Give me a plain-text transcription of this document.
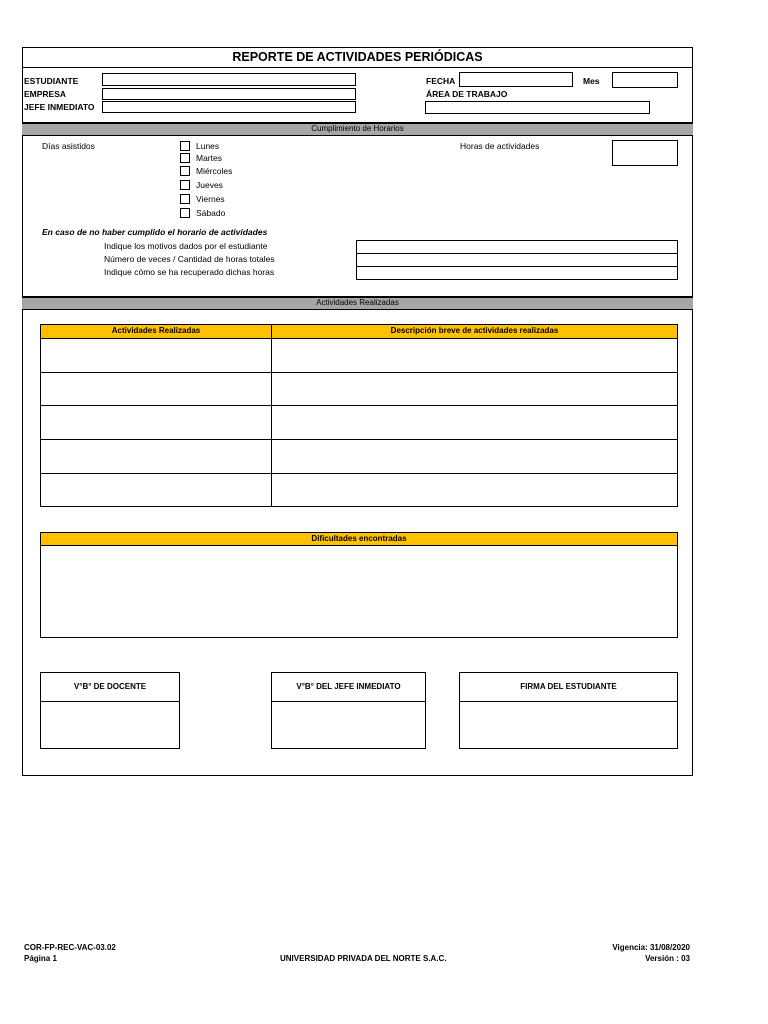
REPORTE DE ACTIVIDADES PERIÓDICAS
ESTUDIANTE
EMPRESA
JEFE INMEDIATO
FECHA	Mes
ÁREA DE TRABAJO
Cumplimiento de Horarios
Días asistidos	Lunes
Martes
Miércoles
Jueves
Viernes
Sábado
Horas de actividades
En caso de no haber cumplido el horario de actividades
Indique los motivos dados por el estudiante
Número de veces / Cantidad de horas totales
Indique cómo se ha recuperado dichas horas
Actividades Realizadas
Actividades Realizadas	Descripción breve de actividades realizadas
Dificultades encontradas
V°B° DE DOCENTE	V°B° DEL JEFE INMEDIATO	FIRMA DEL ESTUDIANTE
COR-FP-REC-VAC-03.02
Página 1	UNIVERSIDAD PRIVADA DEL NORTE S.A.C.
Vigencia: 31/08/2020
Versión : 03
